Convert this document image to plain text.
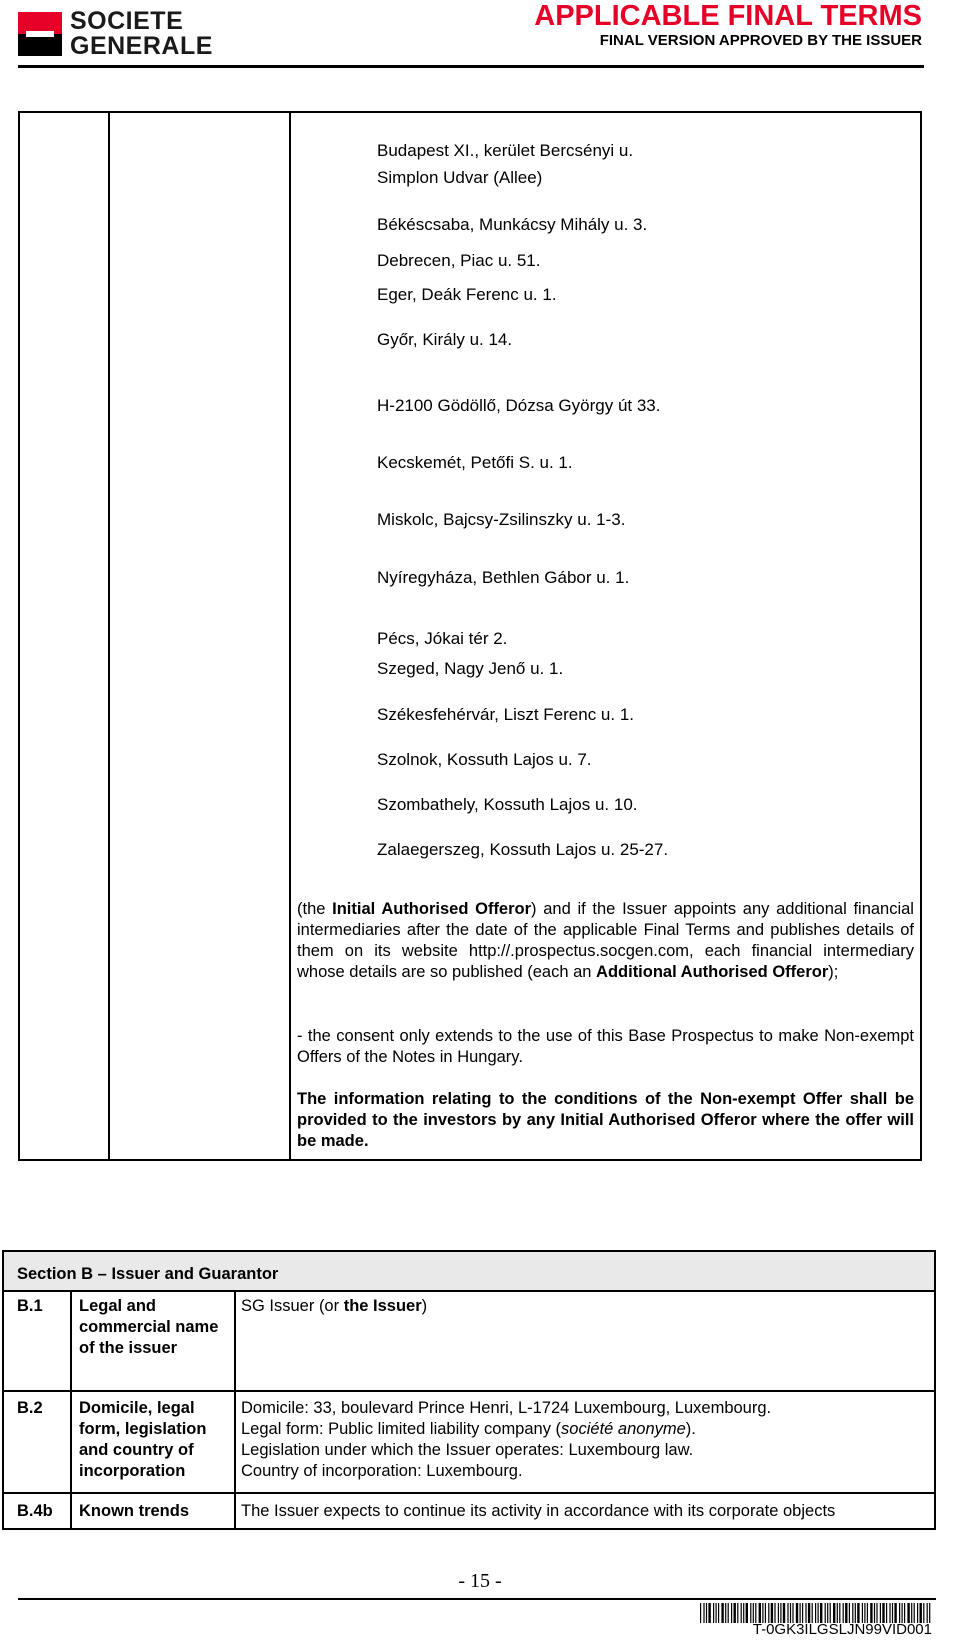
SOCIETE
GENERALE
APPLICABLE FINAL TERMS
FINAL VERSION APPROVED BY THE ISSUER
Budapest XI., kerület Bercsényi u.
Simplon Udvar (Allee)
Békéscsaba, Munkácsy Mihály u. 3.
Debrecen, Piac u. 51.
Eger, Deák Ferenc u. 1.
Győr, Király u. 14.
H-2100 Gödöllő, Dózsa György út 33.
Kecskemét, Petőfi S. u. 1.
Miskolc, Bajcsy-Zsilinszky u. 1-3.
Nyíregyháza, Bethlen Gábor u. 1.
Pécs, Jókai tér 2.
Szeged, Nagy Jenő u. 1.
Székesfehérvár, Liszt Ferenc u. 1.
Szolnok, Kossuth Lajos u. 7.
Szombathely, Kossuth Lajos u. 10.
Zalaegerszeg, Kossuth Lajos u. 25-27.
(the Initial Authorised Offeror) and if the Issuer appoints any additional financial intermediaries after the date of the applicable Final Terms and publishes details of them on its website http://.prospectus.socgen.com, each financial intermediary whose details are so published (each an Additional Authorised Offeror);
- the consent only extends to the use of this Base Prospectus to make Non-exempt Offers of the Notes in Hungary.
The information relating to the conditions of the Non-exempt Offer shall be provided to the investors by any Initial Authorised Offeror where the offer will be made.
Section B – Issuer and Guarantor
B.1 Legal and commercial name of the issuer
SG Issuer (or the Issuer)
B.2 Domicile, legal form, legislation and country of incorporation
Domicile: 33, boulevard Prince Henri, L-1724 Luxembourg, Luxembourg.
Legal form: Public limited liability company (société anonyme).
Legislation under which the Issuer operates: Luxembourg law.
Country of incorporation: Luxembourg.
B.4b Known trends	The Issuer expects to continue its activity in accordance with its corporate objects
- 15 -
T-0GK3ILGSLJN99VID001
